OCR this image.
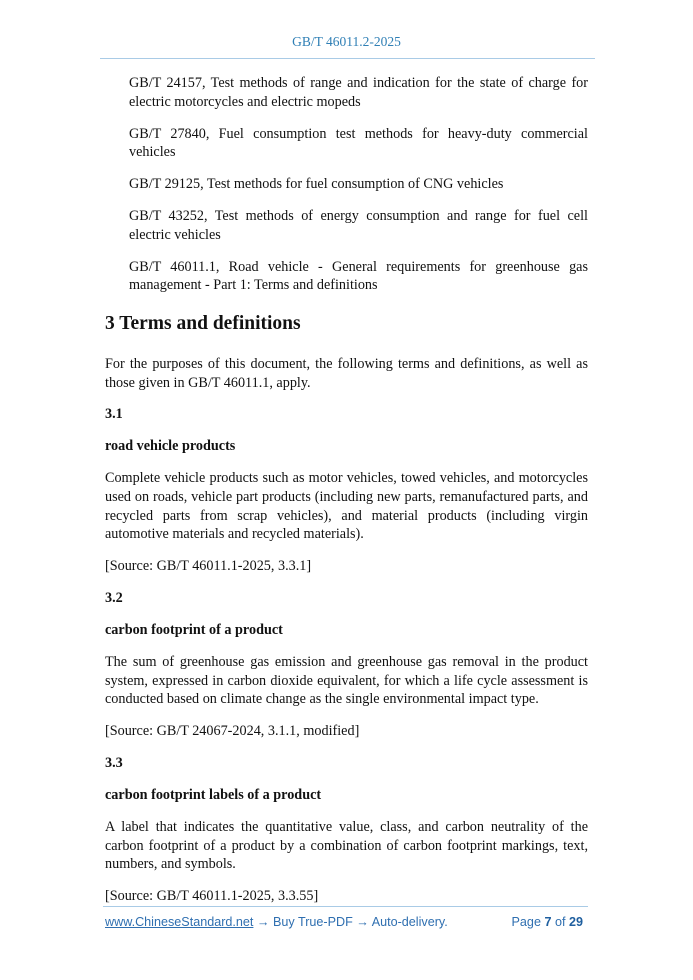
GB/T 46011.2-2025

GB/T 24157, Test methods of range and indication for the state of charge for electric motorcycles and electric mopeds

GB/T 27840, Fuel consumption test methods for heavy-duty commercial vehicles

GB/T 29125, Test methods for fuel consumption of CNG vehicles

GB/T 43252, Test methods of energy consumption and range for fuel cell electric vehicles

GB/T 46011.1, Road vehicle - General requirements for greenhouse gas management - Part 1: Terms and definitions

3 Terms and definitions

For the purposes of this document, the following terms and definitions, as well as those given in GB/T 46011.1, apply.

3.1

road vehicle products

Complete vehicle products such as motor vehicles, towed vehicles, and motorcycles used on roads, vehicle part products (including new parts, remanufactured parts, and recycled parts from scrap vehicles), and material products (including virgin automotive materials and recycled materials).

[Source: GB/T 46011.1-2025, 3.3.1]

3.2

carbon footprint of a product

The sum of greenhouse gas emission and greenhouse gas removal in the product system, expressed in carbon dioxide equivalent, for which a life cycle assessment is conducted based on climate change as the single environmental impact type.

[Source: GB/T 24067-2024, 3.1.1, modified]

3.3

carbon footprint labels of a product

A label that indicates the quantitative value, class, and carbon neutrality of the carbon footprint of a product by a combination of carbon footprint markings, text, numbers, and symbols.

[Source: GB/T 46011.1-2025, 3.3.55]

www.ChineseStandard.net → Buy True-PDF → Auto-delivery.	Page 7 of 29
